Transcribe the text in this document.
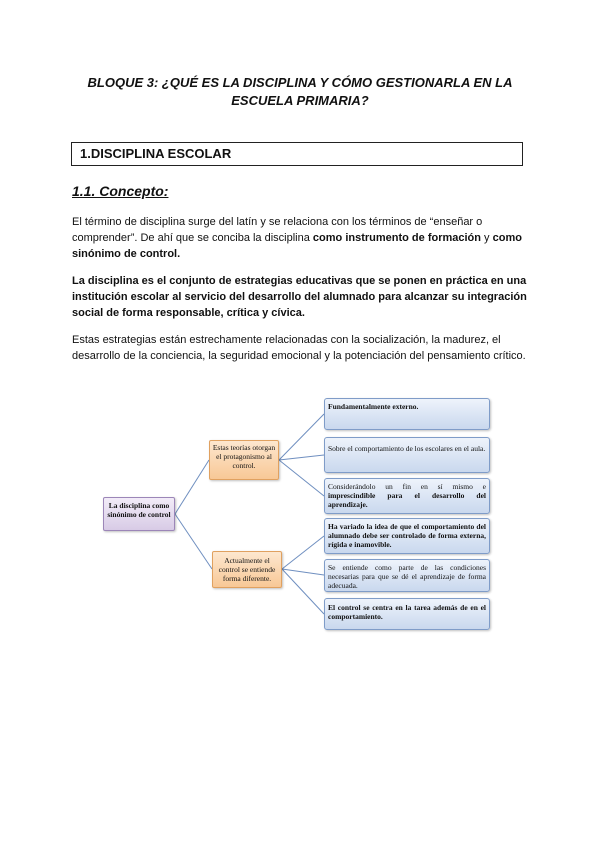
BLOQUE 3: ¿QUÉ ES LA DISCIPLINA Y CÓMO GESTIONARLA EN LA ESCUELA PRIMARIA?
1.DISCIPLINA ESCOLAR
1.1. Concepto:
El término de disciplina surge del latín y se relaciona con los términos de “enseñar o comprender”. De ahí que se conciba la disciplina como instrumento de formación y como sinónimo de control.
La disciplina es el conjunto de estrategias educativas que se ponen en práctica en una institución escolar al servicio del desarrollo del alumnado para alcanzar su integración social de forma responsable, crítica y cívica.
Estas estrategias están estrechamente relacionadas con la socialización, la madurez, el desarrollo de la conciencia, la seguridad emocional y la potenciación del pensamiento crítico.
La disciplina como sinónimo de control
Estas teorías otorgan el protagonismo al control.
Actualmente el control se entiende forma diferente.
Fundamentalmente externo.
Sobre el comportamiento de los escolares en el aula.
Considerándolo un fin en sí mismo e imprescindible para el desarrollo del aprendizaje.
Ha variado la idea de que el comportamiento del alumnado debe ser controlado de forma externa, rígida e inamovible.
Se entiende como parte de las condiciones necesarias para que se dé el aprendizaje de forma adecuada.
El control se centra en la tarea además de en el comportamiento.
